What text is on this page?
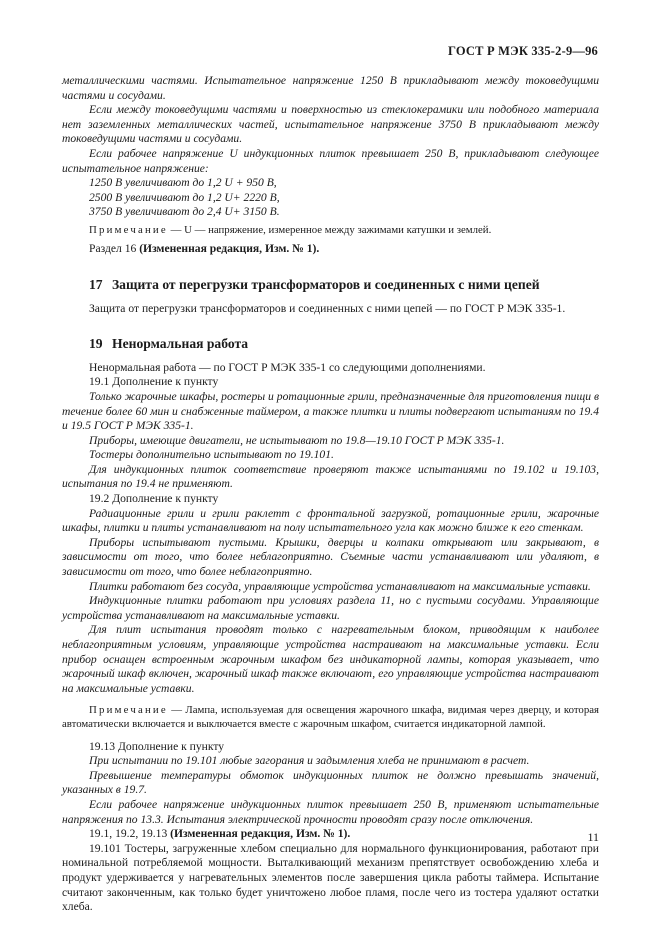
ГОСТ Р МЭК 335-2-9—96

металлическими частями. Испытательное напряжение 1250 В прикладывают между токоведущими частями и сосудами.

Если между токоведущими частями и поверхностью из стеклокерамики или подобного материала нет заземленных металлических частей, испытательное напряжение 3750 В прикладывают между токоведущими частями и сосудами.

Если рабочее напряжение U индукционных плиток превышает 250 В, прикладывают следующее испытательное напряжение:

1250 В увеличивают до 1,2 U + 950 В,

2500 В увеличивают до 1,2 U+ 2220 В,

3750 В увеличивают до 2,4 U+ 3150 В.

Примечание — U — напряжение, измеренное между зажимами катушки и землей.

Раздел 16 (Измененная редакция, Изм. № 1).

17 Защита от перегрузки трансформаторов и соединенных с ними цепей

Защита от перегрузки трансформаторов и соединенных с ними цепей — по ГОСТ Р МЭК 335-1.

19 Ненормальная работа

Ненормальная работа — по ГОСТ Р МЭК 335-1 со следующими дополнениями.

19.1 Дополнение к пункту

Только жарочные шкафы, ростеры и ротационные грили, предназначенные для приготовления пищи в течение более 60 мин и снабженные таймером, а также плитки и плиты подвергают испытаниям по 19.4 и 19.5 ГОСТ Р МЭК 335-1.

Приборы, имеющие двигатели, не испытывают по 19.8—19.10 ГОСТ Р МЭК 335-1.

Тостеры дополнительно испытывают по 19.101.

Для индукционных плиток соответствие проверяют также испытаниями по 19.102 и 19.103, испытания по 19.4 не применяют.

19.2 Дополнение к пункту

Радиационные грили и грили раклетт с фронтальной загрузкой, ротационные грили, жарочные шкафы, плитки и плиты устанавливают на полу испытательного угла как можно ближе к его стенкам.

Приборы испытывают пустыми. Крышки, дверцы и колпаки открывают или закрывают, в зависимости от того, что более неблагоприятно. Съемные части устанавливают или удаляют, в зависимости от того, что более неблагоприятно.

Плитки работают без сосуда, управляющие устройства устанавливают на максимальные уставки.

Индукционные плитки работают при условиях раздела 11, но с пустыми сосудами. Управляющие устройства устанавливают на максимальные уставки.

Для плит испытания проводят только с нагревательным блоком, приводящим к наиболее неблагоприятным условиям, управляющие устройства настраивают на максимальные уставки. Если прибор оснащен встроенным жарочным шкафом без индикаторной лампы, которая указывает, что жарочный шкаф включен, жарочный шкаф также включают, его управляющие устройства настраивают на максимальные уставки.

Примечание — Лампа, используемая для освещения жарочного шкафа, видимая через дверцу, и которая автоматически включается и выключается вместе с жарочным шкафом, считается индикаторной лампой.

19.13 Дополнение к пункту

При испытании по 19.101 любые загорания и задымления хлеба не принимают в расчет.

Превышение температуры обмоток индукционных плиток не должно превышать значений, указанных в 19.7.

Если рабочее напряжение индукционных плиток превышает 250 В, применяют испытательные напряжения по 13.3. Испытания электрической прочности проводят сразу после отключения.

19.1, 19.2, 19.13 (Измененная редакция, Изм. № 1).

19.101 Тостеры, загруженные хлебом специально для нормального функционирования, работают при номинальной потребляемой мощности. Выталкивающий механизм препятствует освобождению хлеба и продукт удерживается у нагревательных элементов после завершения цикла работы таймера. Испытание считают законченным, как только будет уничтожено любое пламя, после чего из тостера удаляют остатки хлеба.

11
